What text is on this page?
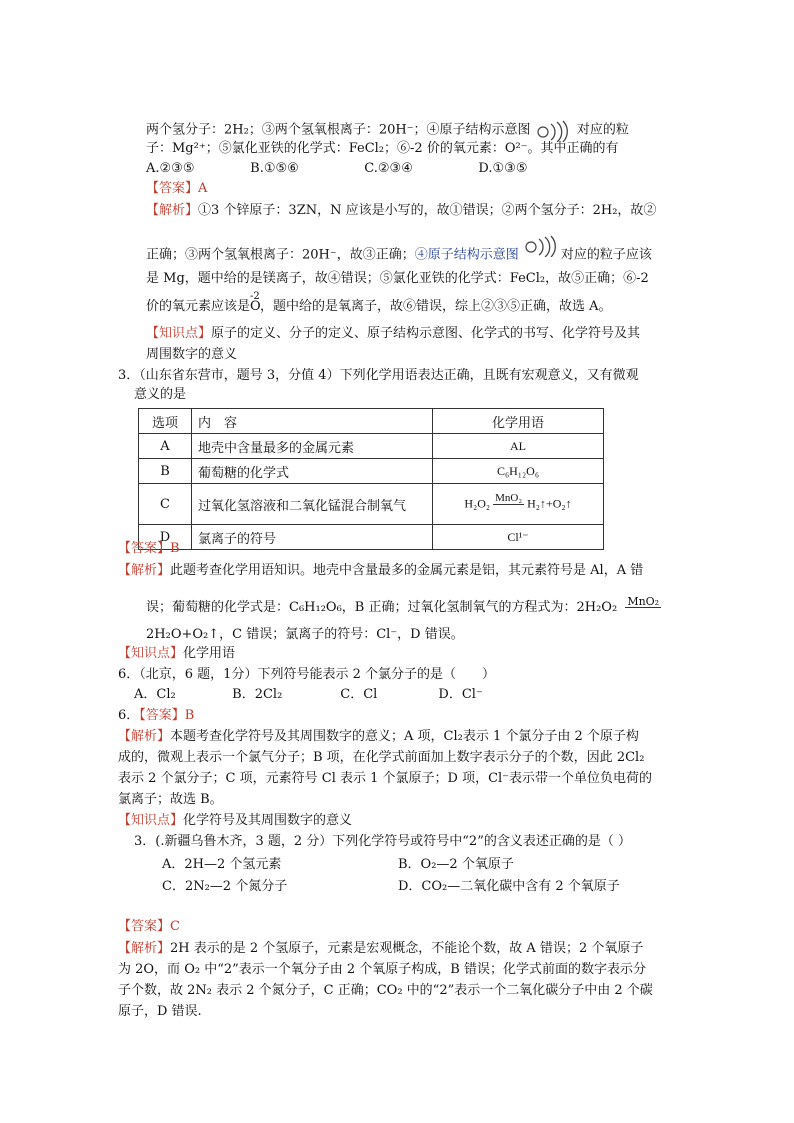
两个氢分子：2H₂；③两个氢氧根离子：20H⁻；④原子结构示意图	对应的粒
子：Mg²⁺；⑤氯化亚铁的化学式：FeCl₂；⑥-2 价的氧元素：O²⁻。其中正确的有
A.②③⑤	B.①⑤⑥	C.②③④	D.①③⑤
【答案】A
【解析】①3 个锌原子：3ZN，N 应该是小写的，故①错误；②两个氢分子：2H₂，故②
正确；③两个氢氧根离子：20H⁻，故③正确；④原子结构示意图	对应的粒子应该
是 Mg，题中给的是镁离子，故④错误；⑤氯化亚铁的化学式：FeCl₂，故⑤正确；⑥-2
价的氧元素应该是
-2
O，题中给的是氧离子，故⑥错误，综上②③⑤正确，故选 A。
【知识点】原子的定义、分子的定义、原子结构示意图、化学式的书写、化学符号及其
周围数字的意义
3．（山东省东营市，题号 3，分值 4）下列化学用语表达正确，且既有宏观意义，又有微观
意义的是
选项	内　容	化学用语
A	地壳中含量最多的金属元素	AL
B	葡萄糖的化学式	C₆H₁₂O₆
C	过氧化氢溶液和二氧化锰混合制氧气	H₂O₂ MnO₂ H₂↑+O₂↑
D	氯离子的符号	Cl¹⁻
【答案】B
【解析】此题考查化学用语知识。地壳中含量最多的金属元素是铝，其元素符号是 Al，A 错
误；葡萄糖的化学式是：C₆H₁₂O₆，B 正确；过氧化氢制氧气的方程式为：2H₂O₂ MnO₂

2H₂O+O₂↑，C 错误；氯离子的符号：Cl⁻，D 错误。
【知识点】化学用语
6．（北京，6 题，1分）下列符号能表示 2 个氯分子的是（　　）
A．Cl₂	B．2Cl₂	C．Cl	D．Cl⁻
6．【答案】B
【解析】本题考查化学符号及其周围数字的意义；A 项，Cl₂表示 1 个氯分子由 2 个原子构
成的，微观上表示一个氯气分子；B 项，在化学式前面加上数字表示分子的个数，因此 2Cl₂
表示 2 个氯分子；C 项，元素符号 Cl 表示 1 个氯原子；D 项，Cl⁻表示带一个单位负电荷的
氯离子；故选 B。
【知识点】化学符号及其周围数字的意义
3．(.新疆乌鲁木齐，3 题，2 分）下列化学符号或符号中“2”的含义表述正确的是（ ）
A．2H—2 个氢元素	B．O₂—2 个氧原子
C．2N₂—2 个氮分子	D．CO₂—二氧化碳中含有 2 个氧原子
【答案】C
【解析】2H 表示的是 2 个氢原子，元素是宏观概念，不能论个数，故 A 错误；2 个氧原子
为 2O，而 O₂ 中“2”表示一个氧分子由 2 个氧原子构成，B 错误；化学式前面的数字表示分
子个数，故 2N₂ 表示 2 个氮分子，C 正确；CO₂ 中的“2”表示一个二氧化碳分子中由 2 个碳
原子，D 错误.
